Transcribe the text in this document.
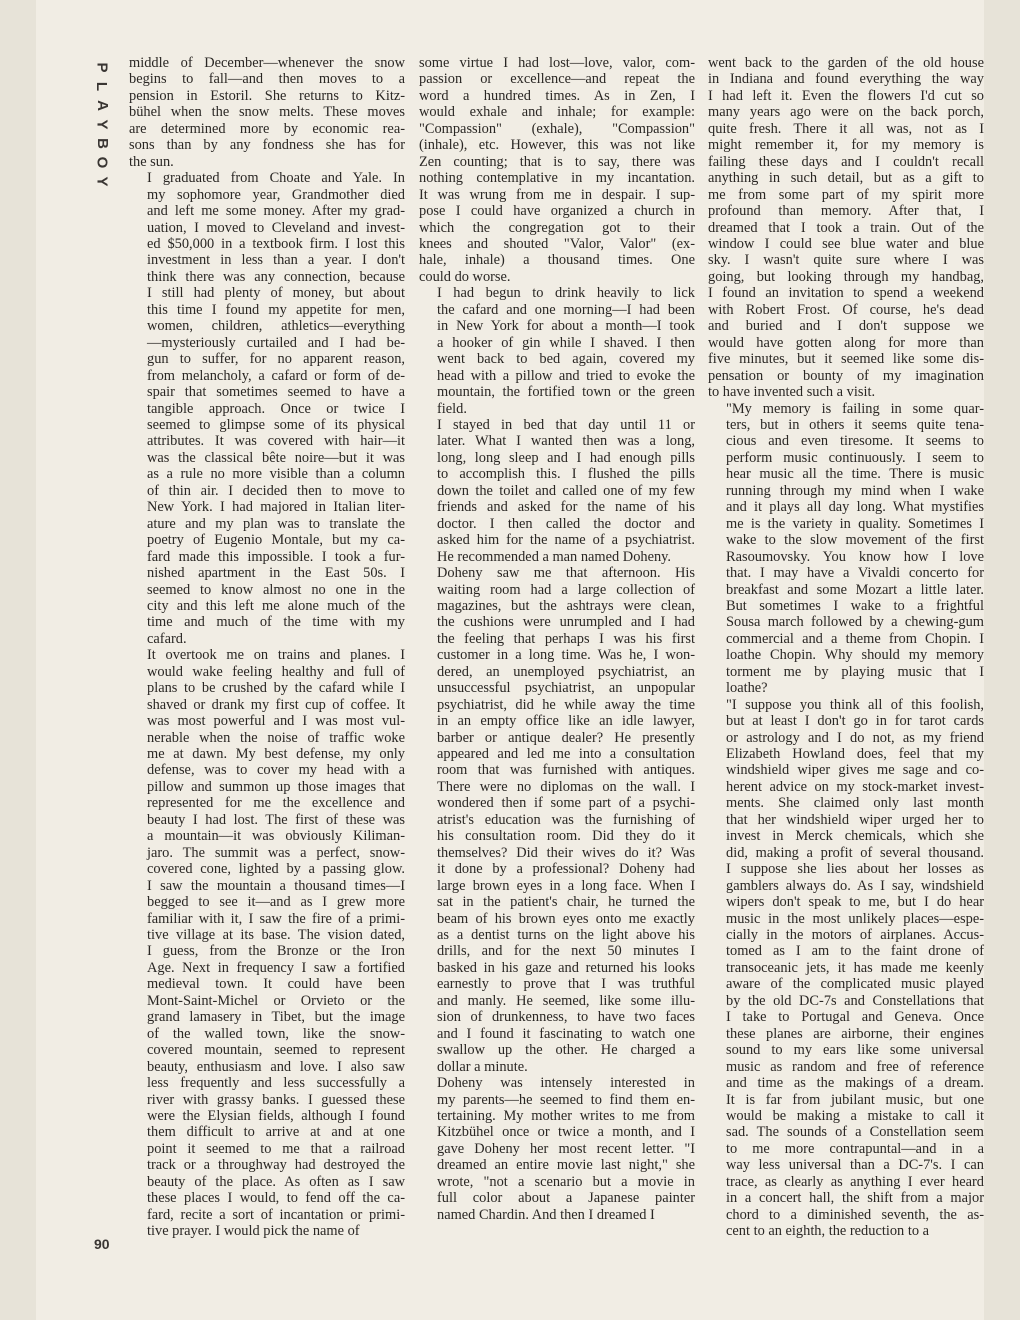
P
L
A
Y
B
O
Y
90

middle of December—whenever the snow
begins to fall—and then moves to a
pension in Estoril. She returns to Kitz-
bühel when the snow melts. These moves
are determined more by economic rea-
sons than by any fondness she has for
the sun.

I graduated from Choate and Yale. In
my sophomore year, Grandmother died
and left me some money. After my grad-
uation, I moved to Cleveland and invest-
ed $50,000 in a textbook firm. I lost this
investment in less than a year. I don't
think there was any connection, because
I still had plenty of money, but about
this time I found my appetite for men,
women, children, athletics—everything
—mysteriously curtailed and I had be-
gun to suffer, for no apparent reason,
from melancholy, a cafard or form of de-
spair that sometimes seemed to have a
tangible approach. Once or twice I
seemed to glimpse some of its physical
attributes. It was covered with hair—it
was the classical bête noire—but it was
as a rule no more visible than a column
of thin air. I decided then to move to
New York. I had majored in Italian liter-
ature and my plan was to translate the
poetry of Eugenio Montale, but my ca-
fard made this impossible. I took a fur-
nished apartment in the East 50s. I
seemed to know almost no one in the
city and this left me alone much of the
time and much of the time with my
cafard.

It overtook me on trains and planes. I
would wake feeling healthy and full of
plans to be crushed by the cafard while I
shaved or drank my first cup of coffee. It
was most powerful and I was most vul-
nerable when the noise of traffic woke
me at dawn. My best defense, my only
defense, was to cover my head with a
pillow and summon up those images that
represented for me the excellence and
beauty I had lost. The first of these was
a mountain—it was obviously Kiliman-
jaro. The summit was a perfect, snow-
covered cone, lighted by a passing glow.
I saw the mountain a thousand times—I
begged to see it—and as I grew more
familiar with it, I saw the fire of a primi-
tive village at its base. The vision dated,
I guess, from the Bronze or the Iron
Age. Next in frequency I saw a fortified
medieval town. It could have been
Mont-Saint-Michel or Orvieto or the
grand lamasery in Tibet, but the image
of the walled town, like the snow-
covered mountain, seemed to represent
beauty, enthusiasm and love. I also saw
less frequently and less successfully a
river with grassy banks. I guessed these
were the Elysian fields, although I found
them difficult to arrive at and at one
point it seemed to me that a railroad
track or a throughway had destroyed the
beauty of the place. As often as I saw
these places I would, to fend off the ca-
fard, recite a sort of incantation or primi-
tive prayer. I would pick the name of

some virtue I had lost—love, valor, com-
passion or excellence—and repeat the
word a hundred times. As in Zen, I
would exhale and inhale; for example:
"Compassion" (exhale), "Compassion"
(inhale), etc. However, this was not like
Zen counting; that is to say, there was
nothing contemplative in my incantation.
It was wrung from me in despair. I sup-
pose I could have organized a church in
which the congregation got to their
knees and shouted "Valor, Valor" (ex-
hale, inhale) a thousand times. One
could do worse.

I had begun to drink heavily to lick
the cafard and one morning—I had been
in New York for about a month—I took
a hooker of gin while I shaved. I then
went back to bed again, covered my
head with a pillow and tried to evoke the
mountain, the fortified town or the green
field.

I stayed in bed that day until 11 or
later. What I wanted then was a long,
long, long sleep and I had enough pills
to accomplish this. I flushed the pills
down the toilet and called one of my few
friends and asked for the name of his
doctor. I then called the doctor and
asked him for the name of a psychiatrist.
He recommended a man named Doheny.

Doheny saw me that afternoon. His
waiting room had a large collection of
magazines, but the ashtrays were clean,
the cushions were unrumpled and I had
the feeling that perhaps I was his first
customer in a long time. Was he, I won-
dered, an unemployed psychiatrist, an
unsuccessful psychiatrist, an unpopular
psychiatrist, did he while away the time
in an empty office like an idle lawyer,
barber or antique dealer? He presently
appeared and led me into a consultation
room that was furnished with antiques.
There were no diplomas on the wall. I
wondered then if some part of a psychi-
atrist's education was the furnishing of
his consultation room. Did they do it
themselves? Did their wives do it? Was
it done by a professional? Doheny had
large brown eyes in a long face. When I
sat in the patient's chair, he turned the
beam of his brown eyes onto me exactly
as a dentist turns on the light above his
drills, and for the next 50 minutes I
basked in his gaze and returned his looks
earnestly to prove that I was truthful
and manly. He seemed, like some illu-
sion of drunkenness, to have two faces
and I found it fascinating to watch one
swallow up the other. He charged a
dollar a minute.

Doheny was intensely interested in
my parents—he seemed to find them en-
tertaining. My mother writes to me from
Kitzbühel once or twice a month, and I
gave Doheny her most recent letter. "I
dreamed an entire movie last night," she
wrote, "not a scenario but a movie in
full color about a Japanese painter
named Chardin. And then I dreamed I

went back to the garden of the old house
in Indiana and found everything the way
I had left it. Even the flowers I'd cut so
many years ago were on the back porch,
quite fresh. There it all was, not as I
might remember it, for my memory is
failing these days and I couldn't recall
anything in such detail, but as a gift to
me from some part of my spirit more
profound than memory. After that, I
dreamed that I took a train. Out of the
window I could see blue water and blue
sky. I wasn't quite sure where I was
going, but looking through my handbag,
I found an invitation to spend a weekend
with Robert Frost. Of course, he's dead
and buried and I don't suppose we
would have gotten along for more than
five minutes, but it seemed like some dis-
pensation or bounty of my imagination
to have invented such a visit.

"My memory is failing in some quar-
ters, but in others it seems quite tena-
cious and even tiresome. It seems to
perform music continuously. I seem to
hear music all the time. There is music
running through my mind when I wake
and it plays all day long. What mystifies
me is the variety in quality. Sometimes I
wake to the slow movement of the first
Rasoumovsky. You know how I love
that. I may have a Vivaldi concerto for
breakfast and some Mozart a little later.
But sometimes I wake to a frightful
Sousa march followed by a chewing-gum
commercial and a theme from Chopin. I
loathe Chopin. Why should my memory
torment me by playing music that I
loathe?

"I suppose you think all of this foolish,
but at least I don't go in for tarot cards
or astrology and I do not, as my friend
Elizabeth Howland does, feel that my
windshield wiper gives me sage and co-
herent advice on my stock-market invest-
ments. She claimed only last month
that her windshield wiper urged her to
invest in Merck chemicals, which she
did, making a profit of several thousand.
I suppose she lies about her losses as
gamblers always do. As I say, windshield
wipers don't speak to me, but I do hear
music in the most unlikely places—espe-
cially in the motors of airplanes. Accus-
tomed as I am to the faint drone of
transoceanic jets, it has made me keenly
aware of the complicated music played
by the old DC-7s and Constellations that
I take to Portugal and Geneva. Once
these planes are airborne, their engines
sound to my ears like some universal
music as random and free of reference
and time as the makings of a dream.
It is far from jubilant music, but one
would be making a mistake to call it
sad. The sounds of a Constellation seem
to me more contrapuntal—and in a
way less universal than a DC-7's. I can
trace, as clearly as anything I ever heard
in a concert hall, the shift from a major
chord to a diminished seventh, the as-
cent to an eighth, the reduction to a
